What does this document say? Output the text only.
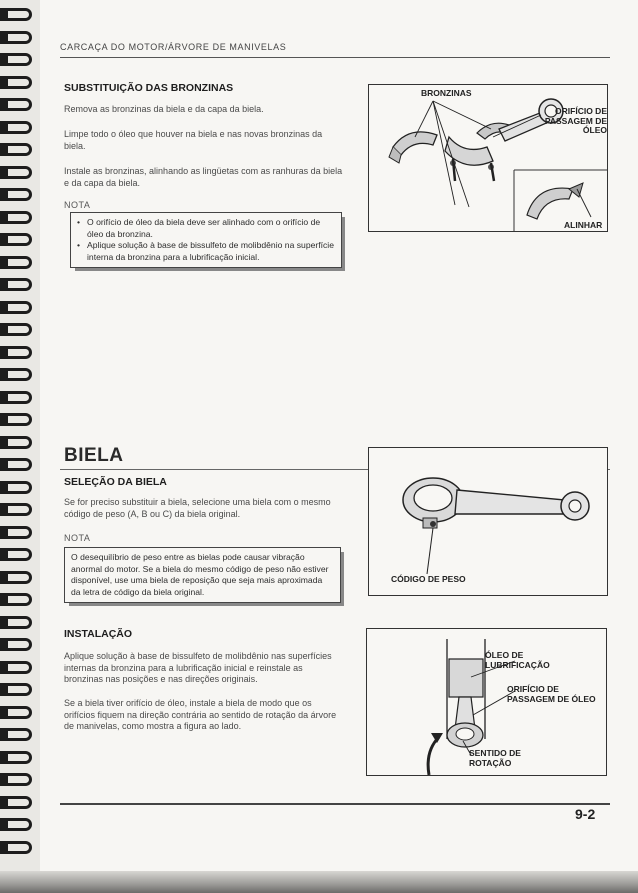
CARCAÇA DO MOTOR/ÁRVORE DE MANIVELAS
SUBSTITUIÇÃO DAS BRONZINAS
Remova as bronzinas da biela e da capa da biela.
Limpe todo o óleo que houver na biela e nas novas bronzinas da biela.
Instale as bronzinas, alinhando as lingüetas com as ranhuras da biela e da capa da biela.
NOTA
• O orifício de óleo da biela deve ser alinhado com o orifício de óleo da bronzina.
• Aplique solução à base de bissulfeto de molibdênio na superfície interna da bronzina para a lubrificação inicial.
BRONZINAS
ORIFÍCIO DE PASSAGEM DE ÓLEO
ALINHAR
BIELA
SELEÇÃO DA BIELA
Se for preciso substituir a biela, selecione uma biela com o mesmo código de peso (A, B ou C) da biela original.
NOTA
O desequilíbrio de peso entre as bielas pode causar vibração anormal do motor. Se a biela do mesmo código de peso não estiver disponível, use uma biela de reposição que seja mais aproximada da letra de código da biela original.
CÓDIGO DE PESO
INSTALAÇÃO
Aplique solução à base de bissulfeto de molibdênio nas superfícies internas da bronzina para a lubrificação inicial e reinstale as bronzinas nas posições e nas direções originais.
Se a biela tiver orifício de óleo, instale a biela de modo que os orifícios fiquem na direção contrária ao sentido de rotação da árvore de manivelas, como mostra a figura ao lado.
ÓLEO DE LUBRIFICAÇÃO
ORIFÍCIO DE PASSAGEM DE ÓLEO
SENTIDO DE ROTAÇÃO
9-2
